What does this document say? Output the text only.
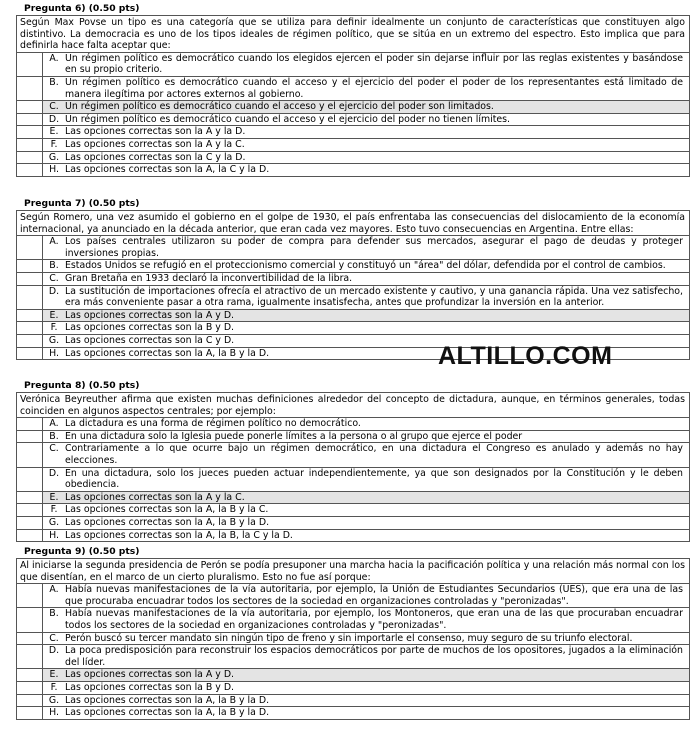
Pregunta 6) (0.50 pts)
Según Max Povse un tipo es una categoría que se utiliza para definir idealmente un conjunto de características que constituyen algo distintivo. La democracia es uno de los tipos ideales de régimen político, que se sitúa en un extremo del espectro. Esto implica que para definirla hace falta aceptar que:
A. Un régimen político es democrático cuando los elegidos ejercen el poder sin dejarse influir por las reglas existentes y basándose en su propio criterio.
B. Un régimen político es democrático cuando el acceso y el ejercicio del poder el poder de los representantes está limitado de manera ilegítima por actores externos al gobierno.
C. Un régimen político es democrático cuando el acceso y el ejercicio del poder son limitados.
D. Un régimen político es democrático cuando el acceso y el ejercicio del poder no tienen límites.
E. Las opciones correctas son la A y la D.
F. Las opciones correctas son la A y la C.
G. Las opciones correctas son la C y la D.
H. Las opciones correctas son la A, la C y la D.
Pregunta 7) (0.50 pts)
Según Romero, una vez asumido el gobierno en el golpe de 1930, el país enfrentaba las consecuencias del dislocamiento de la economía internacional, ya anunciado en la década anterior, que eran cada vez mayores. Esto tuvo consecuencias en Argentina. Entre ellas:
A. Los países centrales utilizaron su poder de compra para defender sus mercados, asegurar el pago de deudas y proteger inversiones propias.
B. Estados Unidos se refugió en el proteccionismo comercial y constituyó un "área" del dólar, defendida por el control de cambios.
C. Gran Bretaña en 1933 declaró la inconvertibilidad de la libra.
D. La sustitución de importaciones ofrecía el atractivo de un mercado existente y cautivo, y una ganancia rápida. Una vez satisfecho, era más conveniente pasar a otra rama, igualmente insatisfecha, antes que profundizar la inversión en la anterior.
E. Las opciones correctas son la A y D.
F. Las opciones correctas son la B y D.
G. Las opciones correctas son la C y D.
H. Las opciones correctas son la A, la B y la D.
Pregunta 8) (0.50 pts)
Verónica Beyreuther afirma que existen muchas definiciones alrededor del concepto de dictadura, aunque, en términos generales, todas coinciden en algunos aspectos centrales; por ejemplo:
A. La dictadura es una forma de régimen político no democrático.
B. En una dictadura solo la Iglesia puede ponerle límites a la persona o al grupo que ejerce el poder
C. Contrariamente a lo que ocurre bajo un régimen democrático, en una dictadura el Congreso es anulado y además no hay elecciones.
D. En una dictadura, solo los jueces pueden actuar independientemente, ya que son designados por la Constitución y le deben obediencia.
E. Las opciones correctas son la A y la C.
F. Las opciones correctas son la A, la B y la C.
G. Las opciones correctas son la A, la B y la D.
H. Las opciones correctas son la A, la B, la C y la D.
Pregunta 9) (0.50 pts)
Al iniciarse la segunda presidencia de Perón se podía presuponer una marcha hacia la pacificación política y una relación más normal con los que disentían, en el marco de un cierto pluralismo. Esto no fue así porque:
A. Había nuevas manifestaciones de la vía autoritaria, por ejemplo, la Unión de Estudiantes Secundarios (UES), que era una de las que procuraba encuadrar todos los sectores de la sociedad en organizaciones controladas y "peronizadas".
B. Había nuevas manifestaciones de la vía autoritaria, por ejemplo, los Montoneros, que eran una de las que procuraban encuadrar todos los sectores de la sociedad en organizaciones controladas y "peronizadas".
C. Perón buscó su tercer mandato sin ningún tipo de freno y sin importarle el consenso, muy seguro de su triunfo electoral.
D. La poca predisposición para reconstruir los espacios democráticos por parte de muchos de los opositores, jugados a la eliminación del líder.
E. Las opciones correctas son la A y D.
F. Las opciones correctas son la B y D.
G. Las opciones correctas son la A, la B y la D.
H. Las opciones correctas son la A, la B y la D.
ALTILLO.COM
